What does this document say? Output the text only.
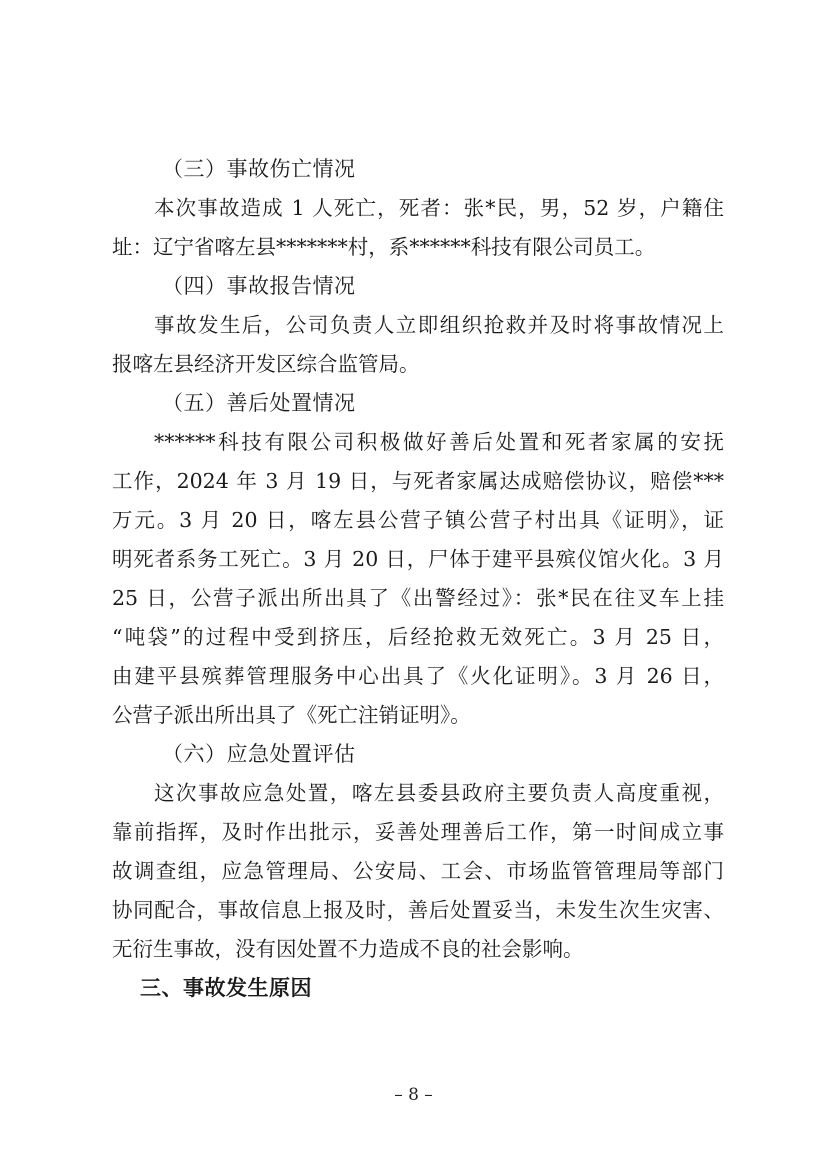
（三）事故伤亡情况
本次事故造成 1 人死亡，死者：张*民，男，52 岁，户籍住
址：辽宁省喀左县*******村，系******科技有限公司员工。
（四）事故报告情况
事故发生后，公司负责人立即组织抢救并及时将事故情况上
报喀左县经济开发区综合监管局。
（五）善后处置情况
******科技有限公司积极做好善后处置和死者家属的安抚
工作，2024 年 3 月 19 日，与死者家属达成赔偿协议，赔偿***
万元。3 月 20 日，喀左县公营子镇公营子村出具《证明》，证
明死者系务工死亡。3 月 20 日，尸体于建平县殡仪馆火化。3 月
25 日，公营子派出所出具了《出警经过》：张*民在往叉车上挂
“吨袋”的过程中受到挤压，后经抢救无效死亡。3 月 25 日，
由建平县殡葬管理服务中心出具了《火化证明》。3 月 26 日，
公营子派出所出具了《死亡注销证明》。
（六）应急处置评估
这次事故应急处置，喀左县委县政府主要负责人高度重视，
靠前指挥，及时作出批示，妥善处理善后工作，第一时间成立事
故调查组，应急管理局、公安局、工会、市场监管管理局等部门
协同配合，事故信息上报及时，善后处置妥当，未发生次生灾害、
无衍生事故，没有因处置不力造成不良的社会影响。
三、事故发生原因
– 8 –
